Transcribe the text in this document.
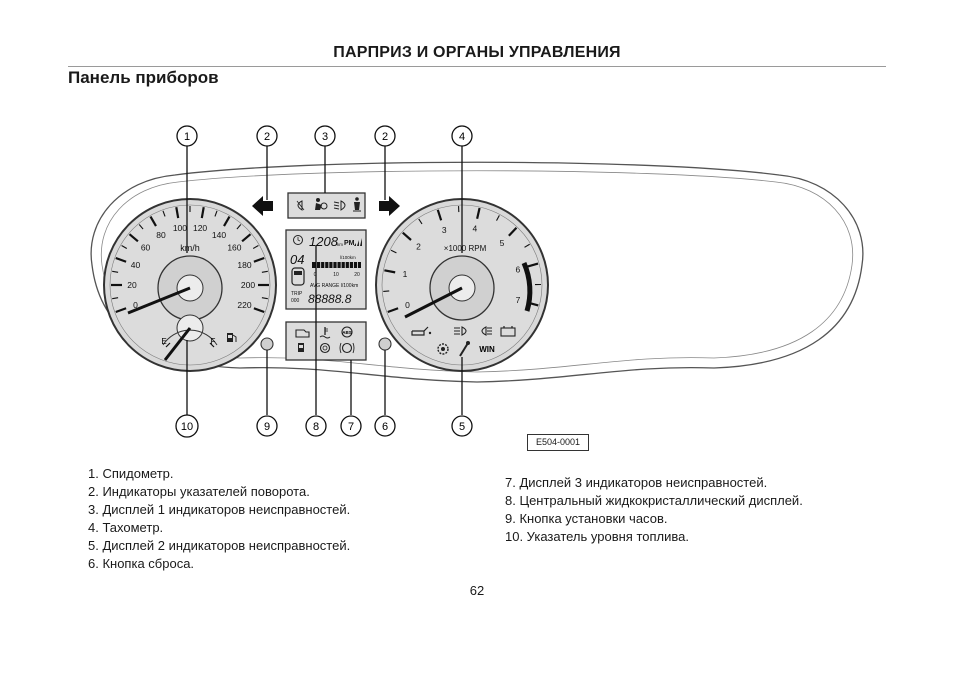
ПАРПРИЗ И ОРГАНЫ УПРАВЛЕНИЯ
Панель приборов
0
20
40
60
80
100 120
140
160
180
200
220
km/h
E	F
0
1
2
3	4
5
6
7
×1000 RPM
WIN
1208 km PM
04	l/100km
0	10	20
AVG RANGE l/100km
TRIP
000 88888.8
ABS
1	2	3	2	4
10	9	8	7	6	5
E504-0001
1. Спидометр.
2. Индикаторы указателей поворота.
3. Дисплей 1 индикаторов неисправностей.
4. Тахометр.
5. Дисплей 2 индикаторов неисправностей.
6. Кнопка сброса.
7. Дисплей 3 индикаторов неисправностей.
8. Центральный жидкокристаллический дисплей.
9. Кнопка установки часов.
10. Указатель уровня топлива.
62
